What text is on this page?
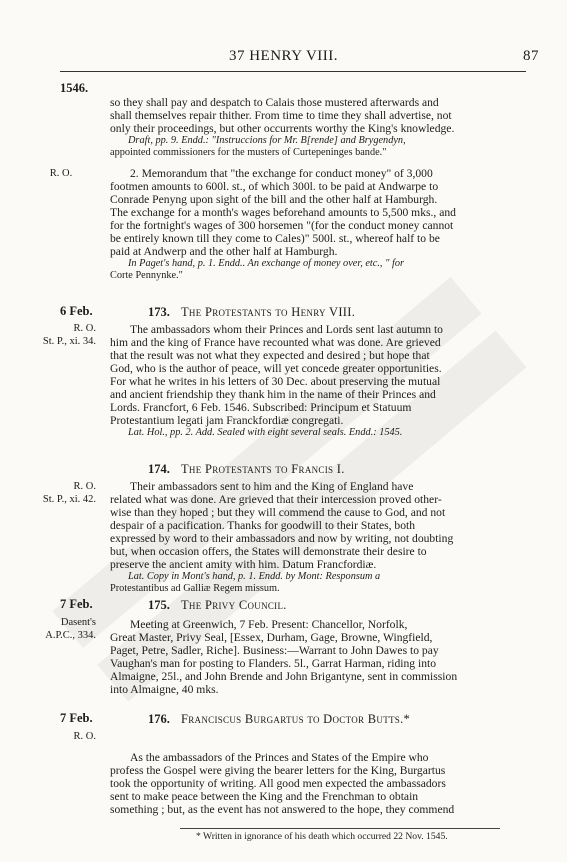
37 HENRY VIII.	87
1546.

so they shall pay and despatch to Calais those mustered afterwards and

shall themselves repair thither. From time to time they shall advertise, not

only their proceedings, but other occurrents worthy the King's knowledge.

Draft, pp. 9. Endd.: "Instruccions for Mr. B[rende] and Brygendyn,

appointed commissioners for the musters of Curtepeninges bande."

R. O.	2. Memorandum that "the exchange for conduct money" of 3,000

footmen amounts to 600l. st., of which 300l. to be paid at Andwarpe to

Conrade Penyng upon sight of the bill and the other half at Hamburgh.

The exchange for a month's wages beforehand amounts to 5,500 mks., and

for the fortnight's wages of 300 horsemen "(for the conduct money cannot

be entirely known till they come to Cales)" 500l. st., whereof half to be

paid at Andwerp and the other half at Hamburgh.

In Paget's hand, p. 1. Endd.. An exchange of money over, etc., " for

Corte Pennynke."

6 Feb.	173. The Protestants to Henry VIII.
R. O.
St. P., xi. 34.

The ambassadors whom their Princes and Lords sent last autumn to

him and the king of France have recounted what was done. Are grieved

that the result was not what they expected and desired ; but hope that

God, who is the author of peace, will yet concede greater opportunities.

For what he writes in his letters of 30 Dec. about preserving the mutual

and ancient friendship they thank him in the name of their Princes and

Lords. Francfort, 6 Feb. 1546. Subscribed: Principum et Statuum

Protestantium legati jam Franckfordiæ congregati.

Lat. Hol., pp. 2. Add. Sealed with eight several seals. Endd.: 1545.

174. The Protestants to Francis I.
R. O.
St. P., xi. 42.

Their ambassadors sent to him and the King of England have

related what was done. Are grieved that their intercession proved other-

wise than they hoped ; but they will commend the cause to God, and not

despair of a pacification. Thanks for goodwill to their States, both

expressed by word to their ambassadors and now by writing, not doubting

but, when occasion offers, the States will demonstrate their desire to

preserve the ancient amity with him. Datum Francfordiæ.

Lat. Copy in Mont's hand, p. 1. Endd. by Mont: Responsum a

Protestantibus ad Galliæ Regem missum.

7 Feb.	175. The Privy Council.
Dasent's
A.P.C., 334.

Meeting at Greenwich, 7 Feb. Present: Chancellor, Norfolk,

Great Master, Privy Seal, [Essex, Durham, Gage, Browne, Wingfield,

Paget, Petre, Sadler, Riche]. Business:—Warrant to John Dawes to pay

Vaughan's man for posting to Flanders. 5l., Garrat Harman, riding into

Almaigne, 25l., and John Brende and John Brigantyne, sent in commission

into Almaigne, 40 mks.

7 Feb.	176. Franciscus Burgartus to Doctor Butts.*
R. O.

As the ambassadors of the Princes and States of the Empire who

profess the Gospel were giving the bearer letters for the King, Burgartus

took the opportunity of writing. All good men expected the ambassadors

sent to make peace between the King and the Frenchman to obtain

something ; but, as the event has not answered to the hope, they commend

* Written in ignorance of his death which occurred 22 Nov. 1545.
